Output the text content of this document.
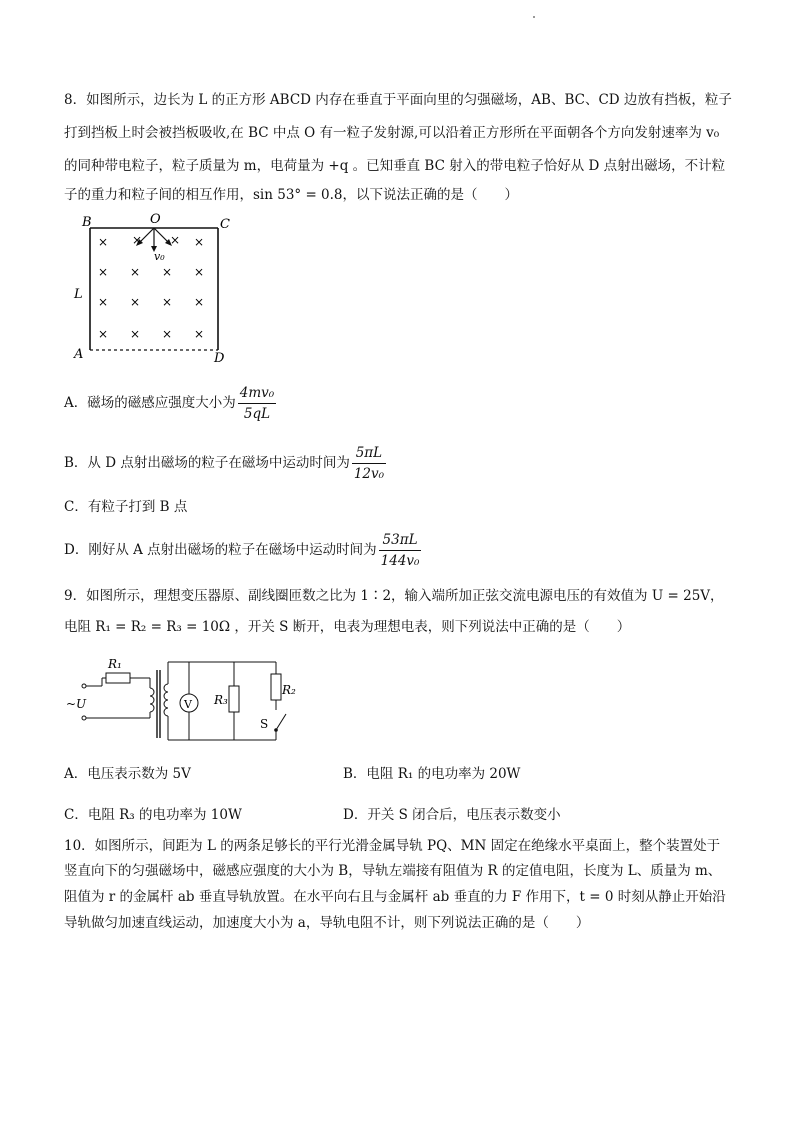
8．如图所示，边长为 L 的正方形 ABCD 内存在垂直于平面向里的匀强磁场，AB、BC、CD 边放有挡板，粒子
打到挡板上时会被挡板吸收,在 BC 中点 O 有一粒子发射源,可以沿着正方形所在平面朝各个方向发射速率为 v₀
的同种带电粒子，粒子质量为 m，电荷量为 +q 。已知垂直 BC 射入的带电粒子恰好从 D 点射出磁场，不计粒
子的重力和粒子间的相互作用，sin 53° = 0.8，以下说法正确的是（　　）
B	C
O
A	D
L
v₀
×	×
× × × ×
× × × ×
× × × ×
× ×
A．磁场的磁感应强度大小为 $\frac{\text{4mv₀}}{5qL}$
B．从 D 点射出磁场的粒子在磁场中运动时间为 $\frac{5\pi L}{\text{12v₀}}$
C．有粒子打到 B 点
D．刚好从 A 点射出磁场的粒子在磁场中运动时间为 $\frac{53\pi L}{\text{144v₀}}$
9．如图所示，理想变压器原、副线圈匝数之比为 1∶2，输入端所加正弦交流电源电压的有效值为 U = 25V，
电阻 R₁ = R₂ = R₃ = 10Ω ，开关 S 断开，电表为理想电表，则下列说法中正确的是（　　）
V
R₁
R₃
R₂
S
~U
A．电压表示数为 5V	B．电阻 R₁ 的电功率为 20W
C．电阻 R₃ 的电功率为 10W	D．开关 S 闭合后，电压表示数变小
10．如图所示，间距为 L 的两条足够长的平行光滑金属导轨 PQ、MN 固定在绝缘水平桌面上，整个装置处于
竖直向下的匀强磁场中，磁感应强度的大小为 B，导轨左端接有阻值为 R 的定值电阻，长度为 L、质量为 m、
阻值为 r 的金属杆 ab 垂直导轨放置。在水平向右且与金属杆 ab 垂直的力 F 作用下，t = 0 时刻从静止开始沿
导轨做匀加速直线运动，加速度大小为 a，导轨电阻不计，则下列说法正确的是（　　）
